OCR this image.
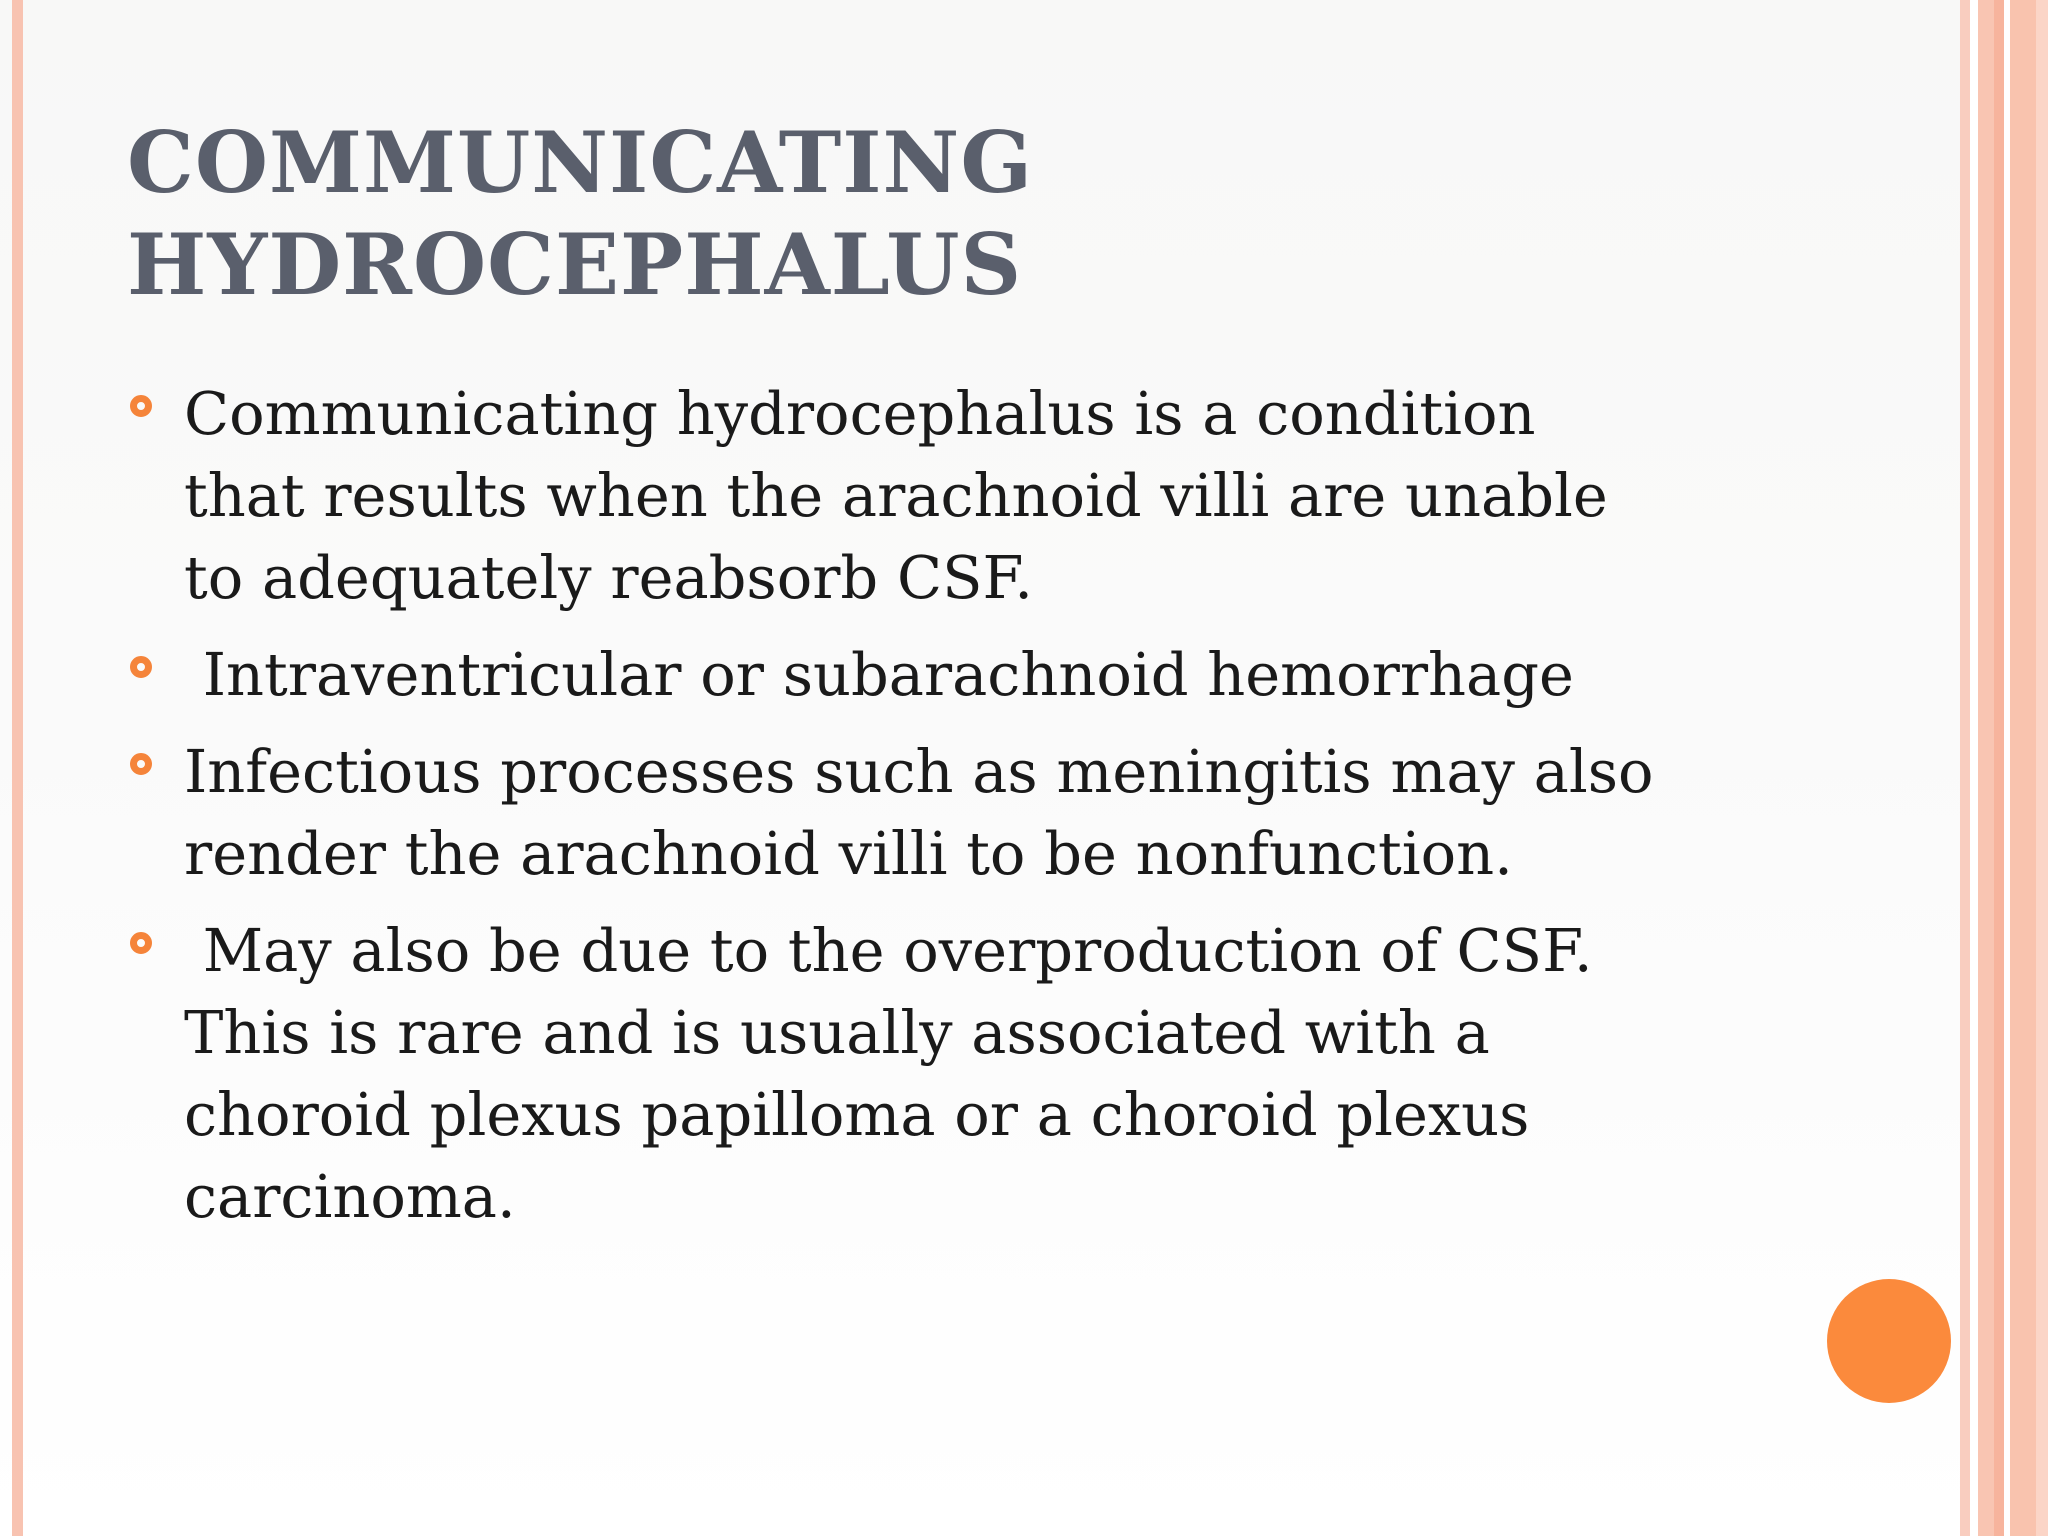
COMMUNICATING
HYDROCEPHALUS
Communicating hydrocephalus is a condition
that results when the arachnoid villi are unable
to adequately reabsorb CSF.
Intraventricular or subarachnoid hemorrhage
Infectious processes such as meningitis may also
render the arachnoid villi to be nonfunction.
May also be due to the overproduction of CSF.
This is rare and is usually associated with a
choroid plexus papilloma or a choroid plexus
carcinoma.
